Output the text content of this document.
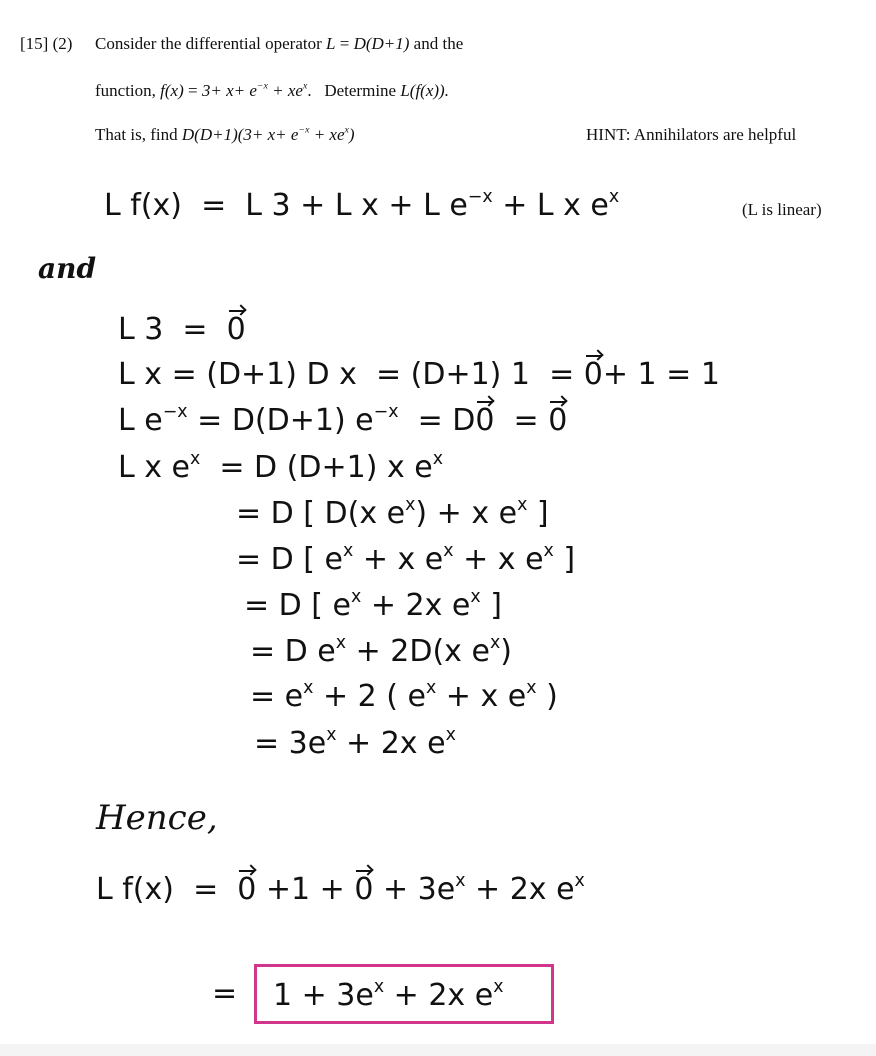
[15] (2) Consider the differential operator L = D(D+1) and the
function, $f(x) = 3+ x+ e^{-x} + xe^x$. Determine L(f(x)).
That is, find $D(D+1)(3+ x+ e^{-x} + xe^x)$	HINT: Annihilators are helpful
L f(x) = L 3 + L x + L $e^{-x} + L$ x $e^x$
(L is linear)
and
L 3 = 0
L x = (D+1) D x = (D+1) 1 = 0+ 1 = 1
L $e^{-x} = D(D+1) e^{-x} = D0 = 0$
L x $e^x = D$ (D+1) x $e^x$
= D [ D(x $e^x) + x$ $e^x$ ]
= D [ $e^x + x$ $e^x + x$ $e^x$ ]
= D [ $e^x + 2x$ $e^x$ ]
= D $e^x + 2D(x$ $e^x$)
= $e^x + 2$ ( $e^x + x$ $e^x$ )
= $3e^x + 2x$ $e^x$
Hence,
L $f(x) = 0 +1 + 0 + 3e^x + 2x$ $e^x$
= $1 + 3e^x + 2x$ $e^x$
